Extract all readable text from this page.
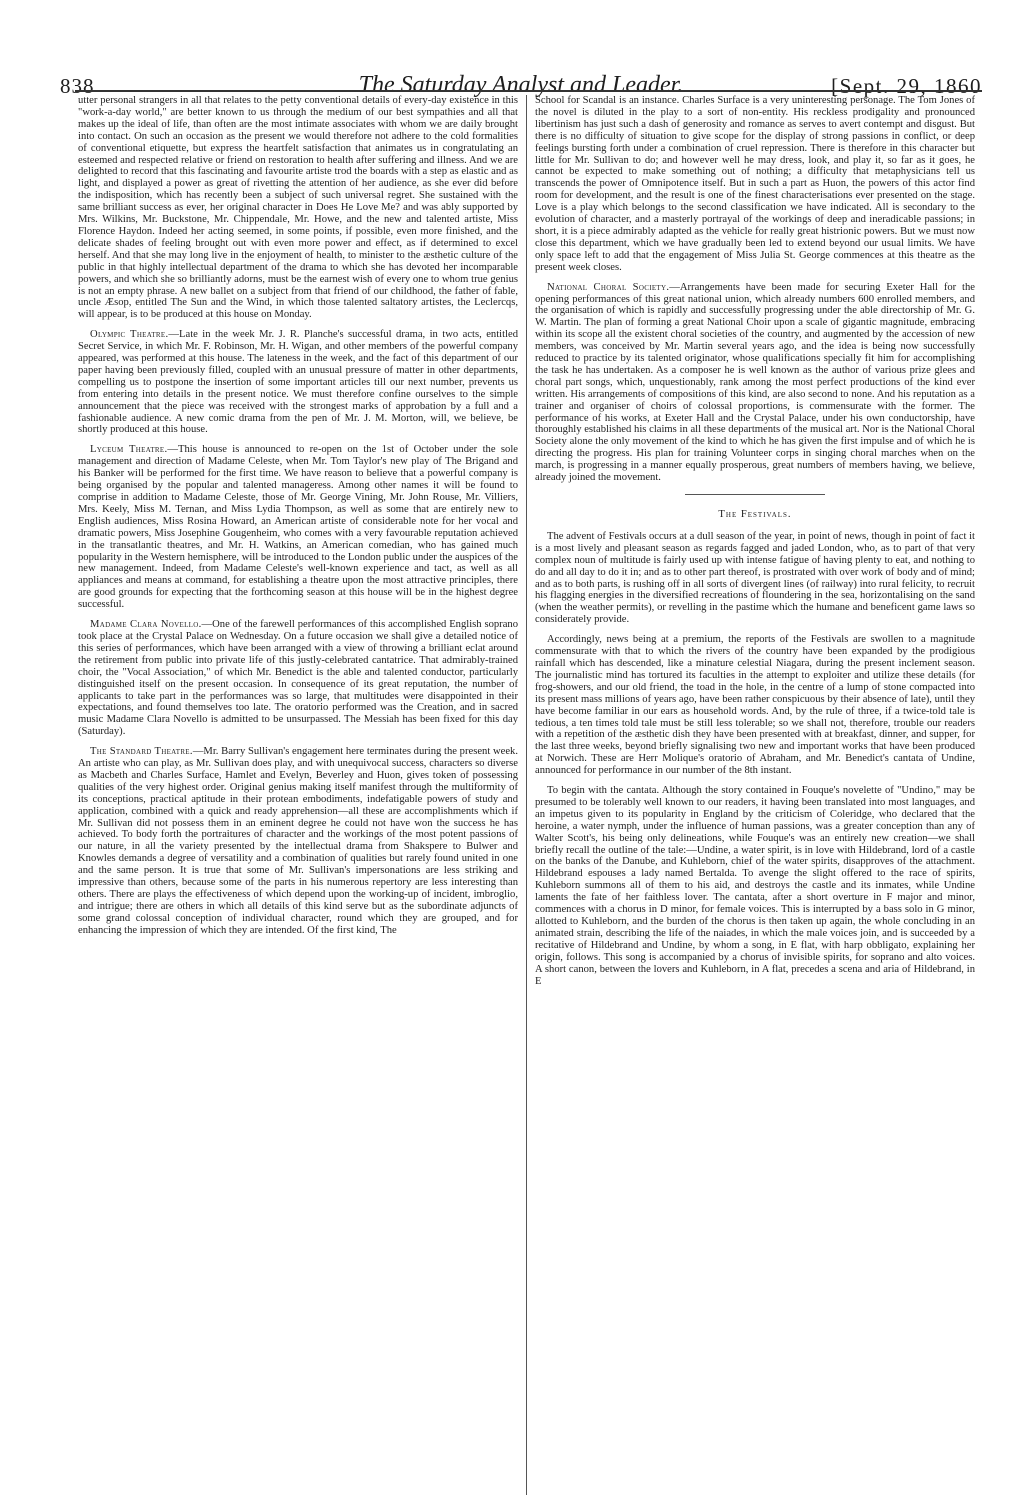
838	The Saturday Analyst and Leader.	[Sept. 29, 1860

utter personal strangers in all that relates to the petty conventional details of every-day existence in this "work-a-day world," are better known to us through the medium of our best sympathies and all that makes up the ideal of life, than often are the most intimate associates with whom we are daily brought into contact. On such an occasion as the present we would therefore not adhere to the cold formalities of conventional etiquette, but express the heartfelt satisfaction that animates us in congratulating an esteemed and respected relative or friend on restoration to health after suffering and illness. And we are delighted to record that this fascinating and favourite artiste trod the boards with a step as elastic and as light, and displayed a power as great of rivetting the attention of her audience, as she ever did before the indisposition, which has recently been a subject of such universal regret. She sustained with the same brilliant success as ever, her original character in Does He Love Me? and was ably supported by Mrs. Wilkins, Mr. Buckstone, Mr. Chippendale, Mr. Howe, and the new and talented artiste, Miss Florence Haydon. Indeed her acting seemed, in some points, if possible, even more finished, and the delicate shades of feeling brought out with even more power and effect, as if determined to excel herself. And that she may long live in the enjoyment of health, to minister to the æsthetic culture of the public in that highly intellectual department of the drama to which she has devoted her incomparable powers, and which she so brilliantly adorns, must be the earnest wish of every one to whom true genius is not an empty phrase. A new ballet on a subject from that friend of our childhood, the father of fable, uncle Æsop, entitled The Sun and the Wind, in which those talented saltatory artistes, the Leclercqs, will appear, is to be produced at this house on Monday.

Olympic Theatre.—Late in the week Mr. J. R. Planche's successful drama, in two acts, entitled Secret Service, in which Mr. F. Robinson, Mr. H. Wigan, and other members of the powerful company appeared, was performed at this house. The lateness in the week, and the fact of this department of our paper having been previously filled, coupled with an unusual pressure of matter in other departments, compelling us to postpone the insertion of some important articles till our next number, prevents us from entering into details in the present notice. We must therefore confine ourselves to the simple announcement that the piece was received with the strongest marks of approbation by a full and a fashionable audience. A new comic drama from the pen of Mr. J. M. Morton, will, we believe, be shortly produced at this house.

Lyceum Theatre.—This house is announced to re-open on the 1st of October under the sole management and direction of Madame Celeste, when Mr. Tom Taylor's new play of The Brigand and his Banker will be performed for the first time. We have reason to believe that a powerful company is being organised by the popular and talented manageress. Among other names it will be found to comprise in addition to Madame Celeste, those of Mr. George Vining, Mr. John Rouse, Mr. Villiers, Mrs. Keely, Miss M. Ternan, and Miss Lydia Thompson, as well as some that are entirely new to English audiences, Miss Rosina Howard, an American artiste of considerable note for her vocal and dramatic powers, Miss Josephine Gougenheim, who comes with a very favourable reputation achieved in the transatlantic theatres, and Mr. H. Watkins, an American comedian, who has gained much popularity in the Western hemisphere, will be introduced to the London public under the auspices of the new management. Indeed, from Madame Celeste's well-known experience and tact, as well as all appliances and means at command, for establishing a theatre upon the most attractive principles, there are good grounds for expecting that the forthcoming season at this house will be in the highest degree successful.

Madame Clara Novello.—One of the farewell performances of this accomplished English soprano took place at the Crystal Palace on Wednesday. On a future occasion we shall give a detailed notice of this series of performances, which have been arranged with a view of throwing a brilliant eclat around the retirement from public into private life of this justly-celebrated cantatrice. That admirably-trained choir, the "Vocal Association," of which Mr. Benedict is the able and talented conductor, particularly distinguished itself on the present occasion. In consequence of its great reputation, the number of applicants to take part in the performances was so large, that multitudes were disappointed in their expectations, and found themselves too late. The oratorio performed was the Creation, and in sacred music Madame Clara Novello is admitted to be unsurpassed. The Messiah has been fixed for this day (Saturday).

The Standard Theatre.—Mr. Barry Sullivan's engagement here terminates during the present week. An artiste who can play, as Mr. Sullivan does play, and with unequivocal success, characters so diverse as Macbeth and Charles Surface, Hamlet and Evelyn, Beverley and Huon, gives token of possessing qualities of the very highest order. Original genius making itself manifest through the multiformity of its conceptions, practical aptitude in their protean embodiments, indefatigable powers of study and application, combined with a quick and ready apprehension—all these are accomplishments which if Mr. Sullivan did not possess them in an eminent degree he could not have won the success he has achieved. To body forth the portraitures of character and the workings of the most potent passions of our nature, in all the variety presented by the intellectual drama from Shakspere to Bulwer and Knowles demands a degree of versatility and a combination of qualities but rarely found united in one and the same person. It is true that some of Mr. Sullivan's impersonations are less striking and impressive than others, because some of the parts in his numerous repertory are less interesting than others. There are plays the effectiveness of which depend upon the working-up of incident, imbroglio, and intrigue; there are others in which all details of this kind serve but as the subordinate adjuncts of some grand colossal conception of individual character, round which they are grouped, and for enhancing the impression of which they are intended. Of the first kind, The

School for Scandal is an instance. Charles Surface is a very uninteresting personage. The Tom Jones of the novel is diluted in the play to a sort of non-entity. His reckless prodigality and pronounced libertinism has just such a dash of generosity and romance as serves to avert contempt and disgust. But there is no difficulty of situation to give scope for the display of strong passions in conflict, or deep feelings bursting forth under a combination of cruel repression. There is therefore in this character but little for Mr. Sullivan to do; and however well he may dress, look, and play it, so far as it goes, he cannot be expected to make something out of nothing; a difficulty that metaphysicians tell us transcends the power of Omnipotence itself. But in such a part as Huon, the powers of this actor find room for development, and the result is one of the finest characterisations ever presented on the stage. Love is a play which belongs to the second classification we have indicated. All is secondary to the evolution of character, and a masterly portrayal of the workings of deep and ineradicable passions; in short, it is a piece admirably adapted as the vehicle for really great histrionic powers. But we must now close this department, which we have gradually been led to extend beyond our usual limits. We have only space left to add that the engagement of Miss Julia St. George commences at this theatre as the present week closes.

National Choral Society.—Arrangements have been made for securing Exeter Hall for the opening performances of this great national union, which already numbers 600 enrolled members, and the organisation of which is rapidly and successfully progressing under the able directorship of Mr. G. W. Martin. The plan of forming a great National Choir upon a scale of gigantic magnitude, embracing within its scope all the existent choral societies of the country, and augmented by the accession of new members, was conceived by Mr. Martin several years ago, and the idea is being now successfully reduced to practice by its talented originator, whose qualifications specially fit him for accomplishing the task he has undertaken. As a composer he is well known as the author of various prize glees and choral part songs, which, unquestionably, rank among the most perfect productions of the kind ever written. His arrangements of compositions of this kind, are also second to none. And his reputation as a trainer and organiser of choirs of colossal proportions, is commensurate with the former. The performance of his works, at Exeter Hall and the Crystal Palace, under his own conductorship, have thoroughly established his claims in all these departments of the musical art. Nor is the National Choral Society alone the only movement of the kind to which he has given the first impulse and of which he is directing the progress. His plan for training Volunteer corps in singing choral marches when on the march, is progressing in a manner equally prosperous, great numbers of members having, we believe, already joined the movement.

The Festivals.

The advent of Festivals occurs at a dull season of the year, in point of news, though in point of fact it is a most lively and pleasant season as regards fagged and jaded London, who, as to part of that very complex noun of multitude is fairly used up with intense fatigue of having plenty to eat, and nothing to do and all day to do it in; and as to other part thereof, is prostrated with over work of body and of mind; and as to both parts, is rushing off in all sorts of divergent lines (of railway) into rural felicity, to recruit his flagging energies in the diversified recreations of floundering in the sea, horizontalising on the sand (when the weather permits), or revelling in the pastime which the humane and beneficent game laws so considerately provide.

Accordingly, news being at a premium, the reports of the Festivals are swollen to a magnitude commensurate with that to which the rivers of the country have been expanded by the prodigious rainfall which has descended, like a minature celestial Niagara, during the present inclement season. The journalistic mind has tortured its faculties in the attempt to exploiter and utilize these details (for frog-showers, and our old friend, the toad in the hole, in the centre of a lump of stone compacted into its present mass millions of years ago, have been rather conspicuous by their absence of late), until they have become familiar in our ears as household words. And, by the rule of three, if a twice-told tale is tedious, a ten times told tale must be still less tolerable; so we shall not, therefore, trouble our readers with a repetition of the æsthetic dish they have been presented with at breakfast, dinner, and supper, for the last three weeks, beyond briefly signalising two new and important works that have been produced at Norwich. These are Herr Molique's oratorio of Abraham, and Mr. Benedict's cantata of Undine, announced for performance in our number of the 8th instant.

To begin with the cantata. Although the story contained in Fouque's novelette of "Undino," may be presumed to be tolerably well known to our readers, it having been translated into most languages, and an impetus given to its popularity in England by the criticism of Coleridge, who declared that the heroine, a water nymph, under the influence of human passions, was a greater conception than any of Walter Scott's, his being only delineations, while Fouque's was an entirely new creation—we shall briefly recall the outline of the tale:—Undine, a water spirit, is in love with Hildebrand, lord of a castle on the banks of the Danube, and Kuhleborn, chief of the water spirits, disapproves of the attachment. Hildebrand espouses a lady named Bertalda. To avenge the slight offered to the race of spirits, Kuhleborn summons all of them to his aid, and destroys the castle and its inmates, while Undine laments the fate of her faithless lover. The cantata, after a short overture in F major and minor, commences with a chorus in D minor, for female voices. This is interrupted by a bass solo in G minor, allotted to Kuhleborn, and the burden of the chorus is then taken up again, the whole concluding in an animated strain, describing the life of the naiades, in which the male voices join, and is succeeded by a recitative of Hildebrand and Undine, by whom a song, in E flat, with harp obbligato, explaining her origin, follows. This song is accompanied by a chorus of invisible spirits, for soprano and alto voices. A short canon, between the lovers and Kuhleborn, in A flat, precedes a scena and aria of Hildebrand, in E
